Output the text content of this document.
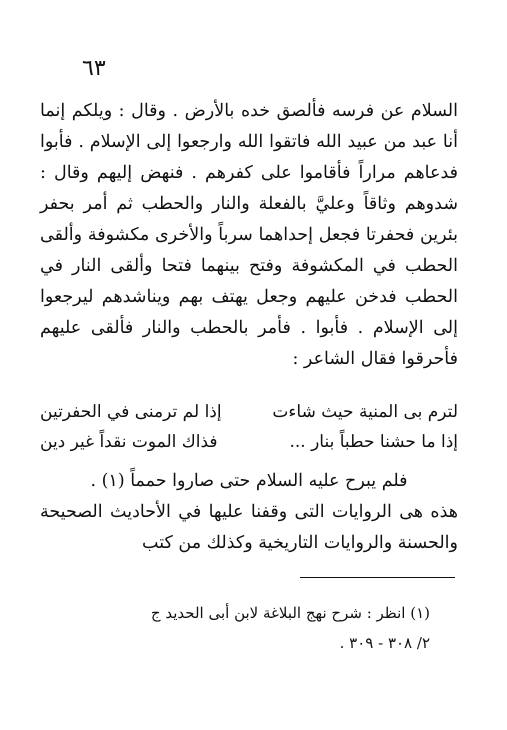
٦٣
السلام عن فرسه فألصق خده بالأرض . وقال : ويلكم إنما أنا عبد من عبيد الله فاتقوا الله وارجعوا إلى الإسلام . فأبوا فدعاهم مراراً فأقاموا على كفرهم . فنهض إليهم وقال : شدوهم وثاقاً وعليَّ بالفعلة والنار والحطب ثم أمر بحفر بئرين فحفرتا فجعل إحداهما سرباً والأخرى مكشوفة وألقى الحطب في المكشوفة وفتح بينهما فتحا وألقى النار في الحطب فدخن عليهم وجعل يهتف بهم ويناشدهم ليرجعوا إلى الإسلام . فأبوا . فأمر بالحطب والنار فألقى عليهم فأحرقوا فقال الشاعر :
لترم بى المنية حيث شاءت
إذا لم ترمنى في الحفرتين
إذا ما حشنا حطباً بنار ...
فذاك الموت نقداً غير دين
فلم يبرح عليه السلام حتى صاروا حمماً (١) .
هذه هى الروايات التى وقفنا عليها في الأحاديث الصحيحة والحسنة والروايات التاريخية وكذلك من كتب
(١) انظر : شرح نهج البلاغة لابن أبى الحديد ج
٢/ ٣٠٨ - ٣٠٩ .
